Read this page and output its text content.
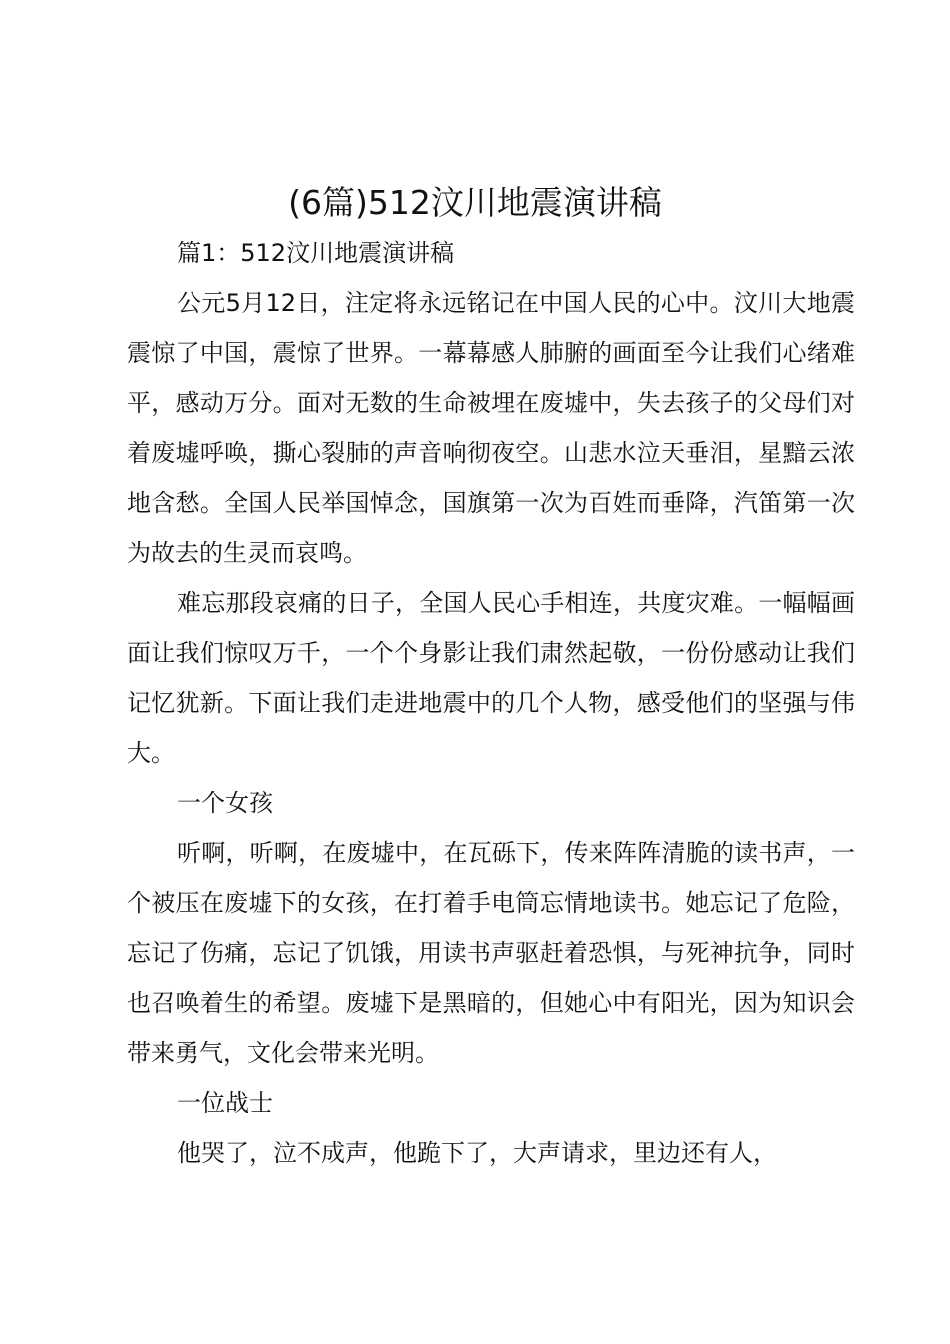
(6篇)512汶川地震演讲稿

篇1：512汶川地震演讲稿

公元5月12日，注定将永远铭记在中国人民的心中。汶川大地震震惊了中国，震惊了世界。一幕幕感人肺腑的画面至今让我们心绪难平，感动万分。面对无数的生命被埋在废墟中，失去孩子的父母们对着废墟呼唤，撕心裂肺的声音响彻夜空。山悲水泣天垂泪，星黯云浓地含愁。全国人民举国悼念，国旗第一次为百姓而垂降，汽笛第一次为故去的生灵而哀鸣。

难忘那段哀痛的日子，全国人民心手相连，共度灾难。一幅幅画面让我们惊叹万千，一个个身影让我们肃然起敬，一份份感动让我们记忆犹新。下面让我们走进地震中的几个人物，感受他们的坚强与伟大。

一个女孩

听啊，听啊，在废墟中，在瓦砾下，传来阵阵清脆的读书声，一个被压在废墟下的女孩，在打着手电筒忘情地读书。她忘记了危险，忘记了伤痛，忘记了饥饿，用读书声驱赶着恐惧，与死神抗争，同时也召唤着生的希望。废墟下是黑暗的，但她心中有阳光，因为知识会带来勇气，文化会带来光明。

一位战士

他哭了，泣不成声，他跪下了，大声请求，里边还有人，
